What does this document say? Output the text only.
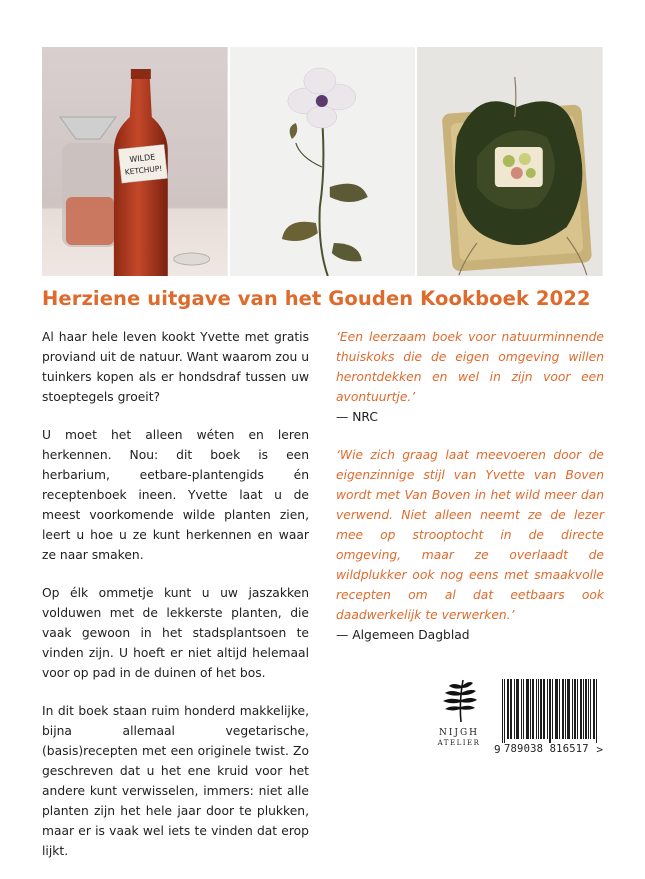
WILDE
KETCHUP!
Herziene uitgave van het Gouden Kookboek 2022

Al haar hele leven kookt Yvette met gratis proviand uit de natuur. Want waarom zou u tuinkers kopen als er hondsdraf tussen uw stoeptegels groeit?

U moet het alleen wéten en leren herkennen. Nou: dit boek is een herbarium, eetbare-plantengids én receptenboek ineen. Yvette laat u de meest voorkomende wilde planten zien, leert u hoe u ze kunt herkennen en waar ze naar smaken.

Op élk ommetje kunt u uw jaszakken volduwen met de lekkerste planten, die vaak gewoon in het stadsplantsoen te vinden zijn. U hoeft er niet altijd helemaal voor op pad in de duinen of het bos.

In dit boek staan ruim honderd makkelijke, bijna allemaal vegetarische, (basis)recepten met een originele twist. Zo geschreven dat u het ene kruid voor het andere kunt verwisselen, immers: niet alle planten zijn het hele jaar door te plukken, maar er is vaak wel iets te vinden dat erop lijkt.

‘Een leerzaam boek voor natuurminnende thuiskoks die de eigen omgeving willen herontdekken en wel in zijn voor een avontuurtje.’

— NRC

‘Wie zich graag laat meevoeren door de eigenzinnige stijl van Yvette van Boven wordt met Van Boven in het wild meer dan verwend. Niet alleen neemt ze de lezer mee op strooptocht in de directe omgeving, maar ze overlaadt de wildplukker ook nog eens met smaakvolle recepten om al dat eetbaars ook daadwerkelijk te verwerken.’

— Algemeen Dagblad

NIJGH
ATELIER	9 789038 816517 >
